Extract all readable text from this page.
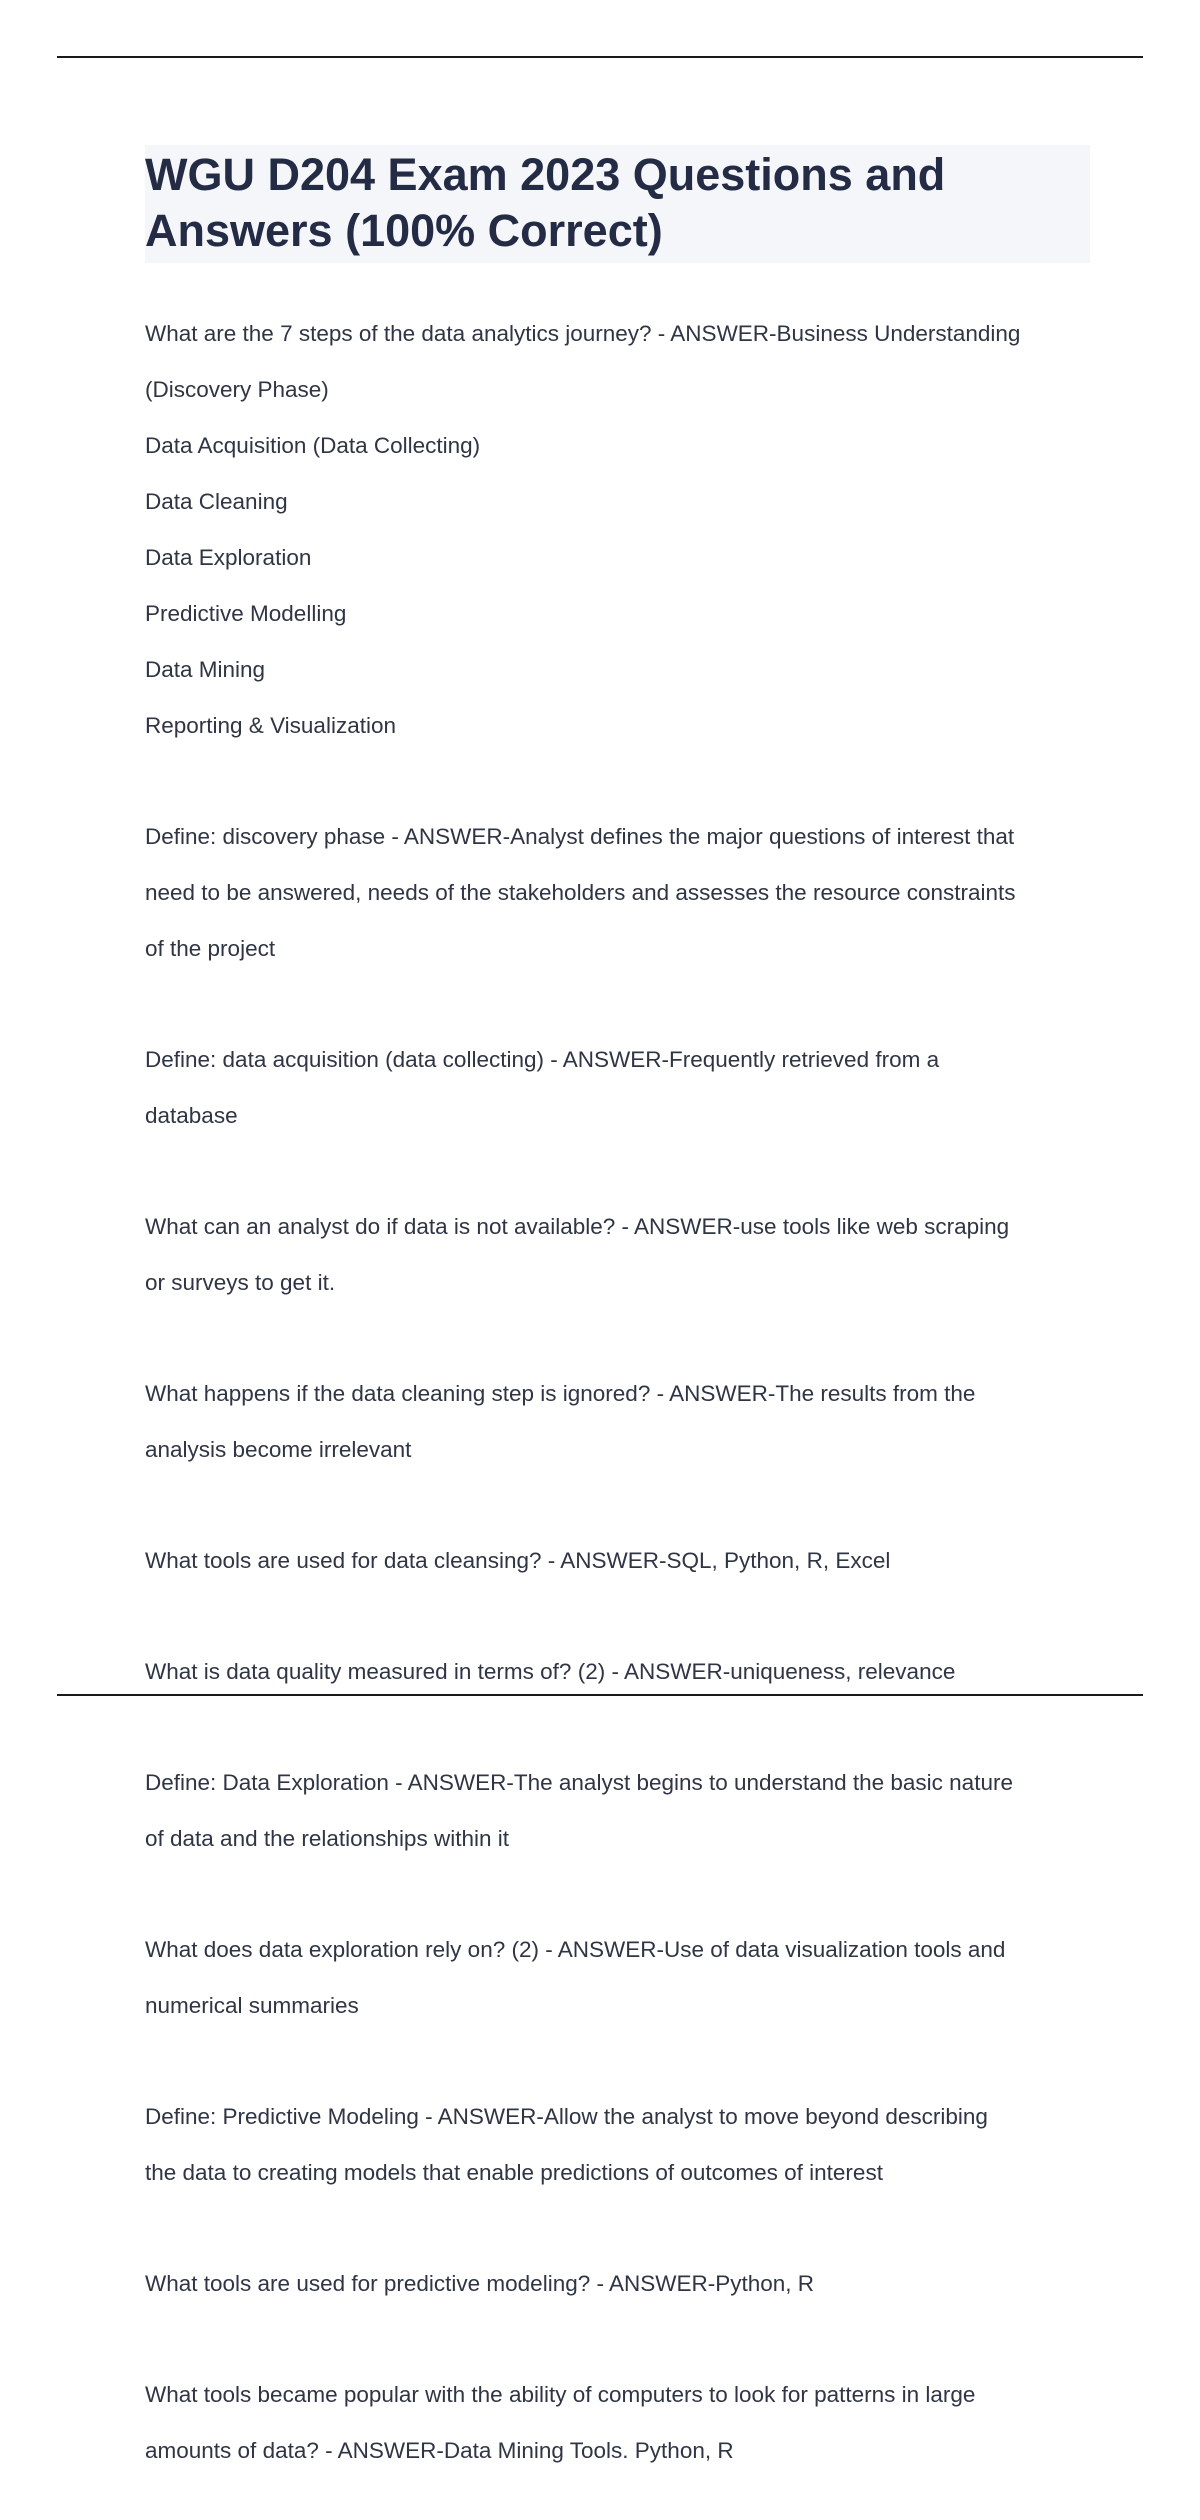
WGU D204 Exam 2023 Questions and Answers (100% Correct)

What are the 7 steps of the data analytics journey? - ANSWER-Business Understanding

(Discovery Phase)

Data Acquisition (Data Collecting)

Data Cleaning

Data Exploration

Predictive Modelling

Data Mining

Reporting & Visualization

Define: discovery phase - ANSWER-Analyst defines the major questions of interest that

need to be answered, needs of the stakeholders and assesses the resource constraints

of the project

Define: data acquisition (data collecting) - ANSWER-Frequently retrieved from a

database

What can an analyst do if data is not available? - ANSWER-use tools like web scraping

or surveys to get it.

What happens if the data cleaning step is ignored? - ANSWER-The results from the

analysis become irrelevant

What tools are used for data cleansing? - ANSWER-SQL, Python, R, Excel

What is data quality measured in terms of? (2) - ANSWER-uniqueness, relevance

Define: Data Exploration - ANSWER-The analyst begins to understand the basic nature

of data and the relationships within it

What does data exploration rely on? (2) - ANSWER-Use of data visualization tools and

numerical summaries

Define: Predictive Modeling - ANSWER-Allow the analyst to move beyond describing

the data to creating models that enable predictions of outcomes of interest

What tools are used for predictive modeling? - ANSWER-Python, R

What tools became popular with the ability of computers to look for patterns in large

amounts of data? - ANSWER-Data Mining Tools. Python, R
